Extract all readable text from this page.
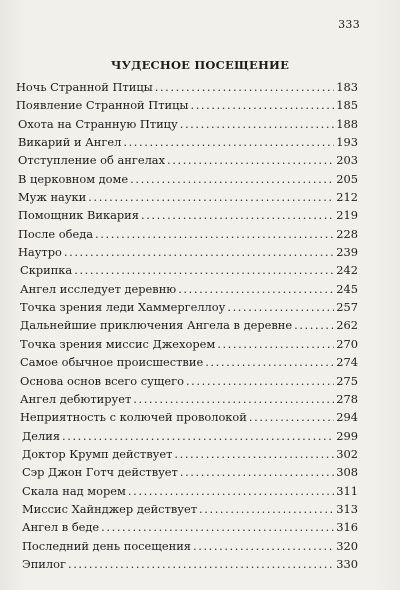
333
ЧУДЕСНОЕ ПОСЕЩЕНИЕ
Ночь Странной Птицы .....	183
Появление Странной Птицы .....	185
Охота на Странную Птицу .....	188
Викарий и Ангел .....	193
Отступление об ангелах .....	203
В церковном доме .....	205
Муж науки .....	212
Помощник Викария .....	219
После обеда .....	228
Наутро .....	239
Скрипка .....	242
Ангел исследует деревню .....	245
Точка зрения леди Хаммергеллоу .....	257
Дальнейшие приключения Ангела в деревне .....	262
Точка зрения миссис Джехорем .....	270
Самое обычное происшествие .....	274
Основа основ всего сущего .....	275
Ангел дебютирует .....	278
Неприятность с колючей проволокой .....	294
Делия .....	299
Доктор Крумп действует .....	302
Сэр Джон Готч действует .....	308
Скала над морем .....	311
Миссис Хайнджер действует .....	313
Ангел в беде .....	316
Последний день посещения .....	320
Эпилог .....	330
